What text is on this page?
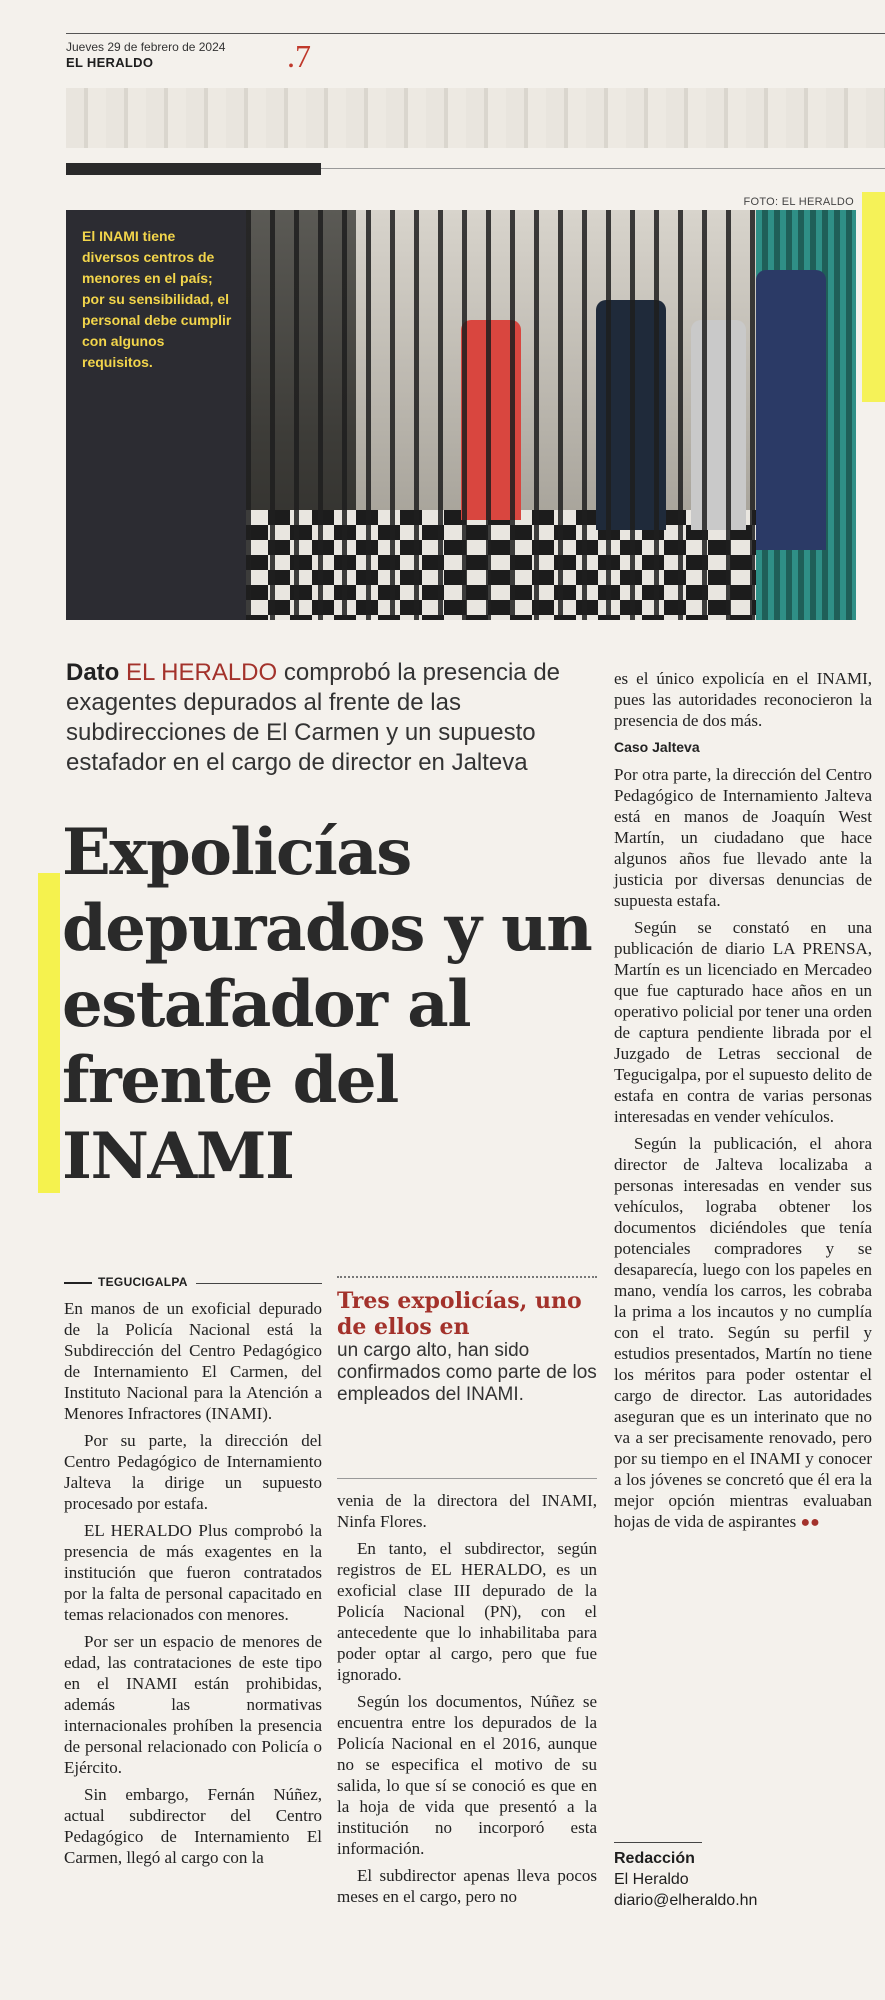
Jueves 29 de febrero de 2024
EL HERALDO	.7
FOTO: EL HERALDO
El INAMI tiene diversos centros de menores en el país; por su sensibilidad, el personal debe cumplir con algunos requisitos.
Dato EL HERALDO comprobó la presencia de exagentes depurados al frente de las subdirecciones de El Carmen y un supuesto estafador en el cargo de director en Jalteva
Expolicías depurados y un estafador al frente del INAMI
TEGUCIGALPA

En manos de un exoficial depurado de la Policía Nacional está la Subdirección del Centro Pedagógico de Internamiento El Carmen, del Instituto Nacional para la Atención a Menores Infractores (INAMI).

Por su parte, la dirección del Centro Pedagógico de Internamiento Jalteva la dirige un supuesto procesado por estafa.

EL HERALDO Plus comprobó la presencia de más exagentes en la institución que fueron contratados por la falta de personal capacitado en temas relacionados con menores.

Por ser un espacio de menores de edad, las contrataciones de este tipo en el INAMI están prohibidas, además las normativas internacionales prohíben la presencia de personal relacionado con Policía o Ejército.

Sin embargo, Fernán Núñez, actual subdirector del Centro Pedagógico de Internamiento El Carmen, llegó al cargo con la

Tres expolicías, uno de ellos en
un cargo alto, han sido confirmados como parte de los empleados del INAMI.

venia de la directora del INAMI, Ninfa Flores.

En tanto, el subdirector, según registros de EL HERALDO, es un exoficial clase III depurado de la Policía Nacional (PN), con el antecedente que lo inhabilitaba para poder optar al cargo, pero que fue ignorado.

Según los documentos, Núñez se encuentra entre los depurados de la Policía Nacional en el 2016, aunque no se especifica el motivo de su salida, lo que sí se conoció es que en la hoja de vida que presentó a la institución no incorporó esta información.

El subdirector apenas lleva pocos meses en el cargo, pero no

es el único expolicía en el INAMI, pues las autoridades reconocieron la presencia de dos más.

Caso Jalteva

Por otra parte, la dirección del Centro Pedagógico de Internamiento Jalteva está en manos de Joaquín West Martín, un ciudadano que hace algunos años fue llevado ante la justicia por diversas denuncias de supuesta estafa.

Según se constató en una publicación de diario LA PRENSA, Martín es un licenciado en Mercadeo que fue capturado hace años en un operativo policial por tener una orden de captura pendiente librada por el Juzgado de Letras seccional de Tegucigalpa, por el supuesto delito de estafa en contra de varias personas interesadas en vender vehículos.

Según la publicación, el ahora director de Jalteva localizaba a personas interesadas en vender sus vehículos, lograba obtener los documentos diciéndoles que tenía potenciales compradores y se desaparecía, luego con los papeles en mano, vendía los carros, les cobraba la prima a los incautos y no cumplía con el trato. Según su perfil y estudios presentados, Martín no tiene los méritos para poder ostentar el cargo de director. Las autoridades aseguran que es un interinato que no va a ser precisamente renovado, pero por su tiempo en el INAMI y conocer a los jóvenes se concretó que él era la mejor opción mientras evaluaban hojas de vida de aspirantes ●●

Redacción
El Heraldo
diario@elheraldo.hn
